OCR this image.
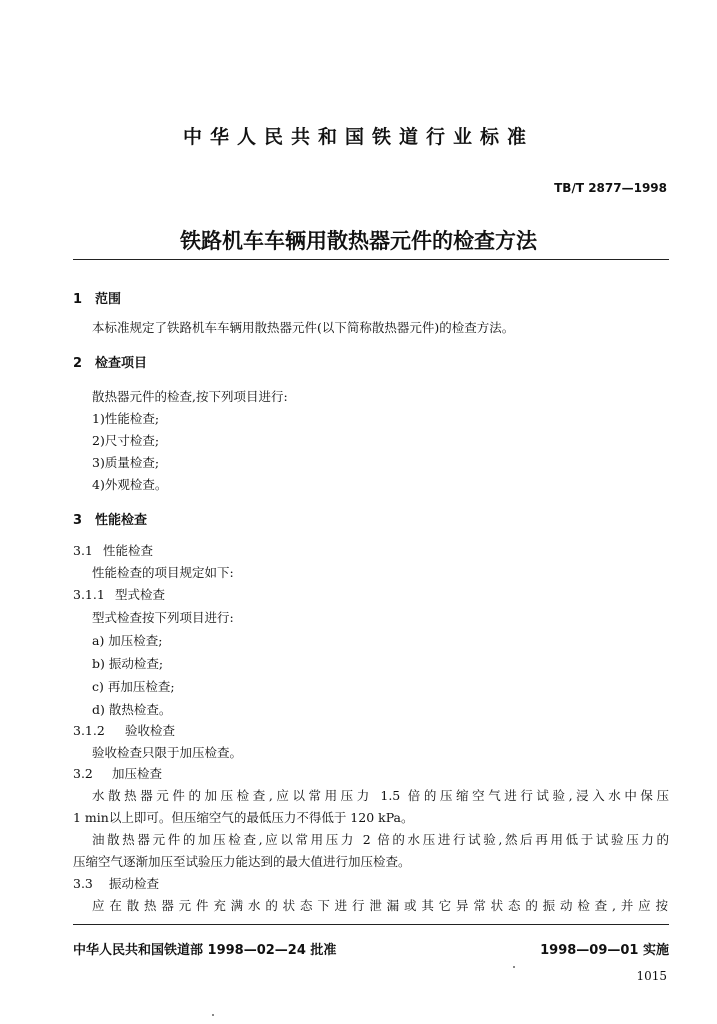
中华人民共和国铁道行业标准
TB/T 2877—1998
铁路机车车辆用散热器元件的检查方法
1 范围
本标准规定了铁路机车车辆用散热器元件(以下简称散热器元件)的检查方法。
2 检查项目
散热器元件的检查,按下列项目进行:
1)性能检查;
2)尺寸检查;
3)质量检查;
4)外观检查。
3 性能检查
3.1 性能检查
性能检查的项目规定如下:
3.1.1 型式检查
型式检查按下列项目进行:
a) 加压检查;
b) 振动检查;
c) 再加压检查;
d) 散热检查。
3.1.2 验收检查
验收检查只限于加压检查。
3.2 加压检查
水散热器元件的加压检查,应以常用压力 1.5 倍的压缩空气进行试验,浸入水中保压
1 min以上即可。但压缩空气的最低压力不得低于 120 kPa。
油散热器元件的加压检查,应以常用压力 2 倍的水压进行试验,然后再用低于试验压力的
压缩空气逐渐加压至试验压力能达到的最大值进行加压检查。
3.3 振动检查
应在散热器元件充满水的状态下进行泄漏或其它异常状态的振动检查,并应按
中华人民共和国铁道部 1998—02—24 批准	1998—09—01 实施
1015
